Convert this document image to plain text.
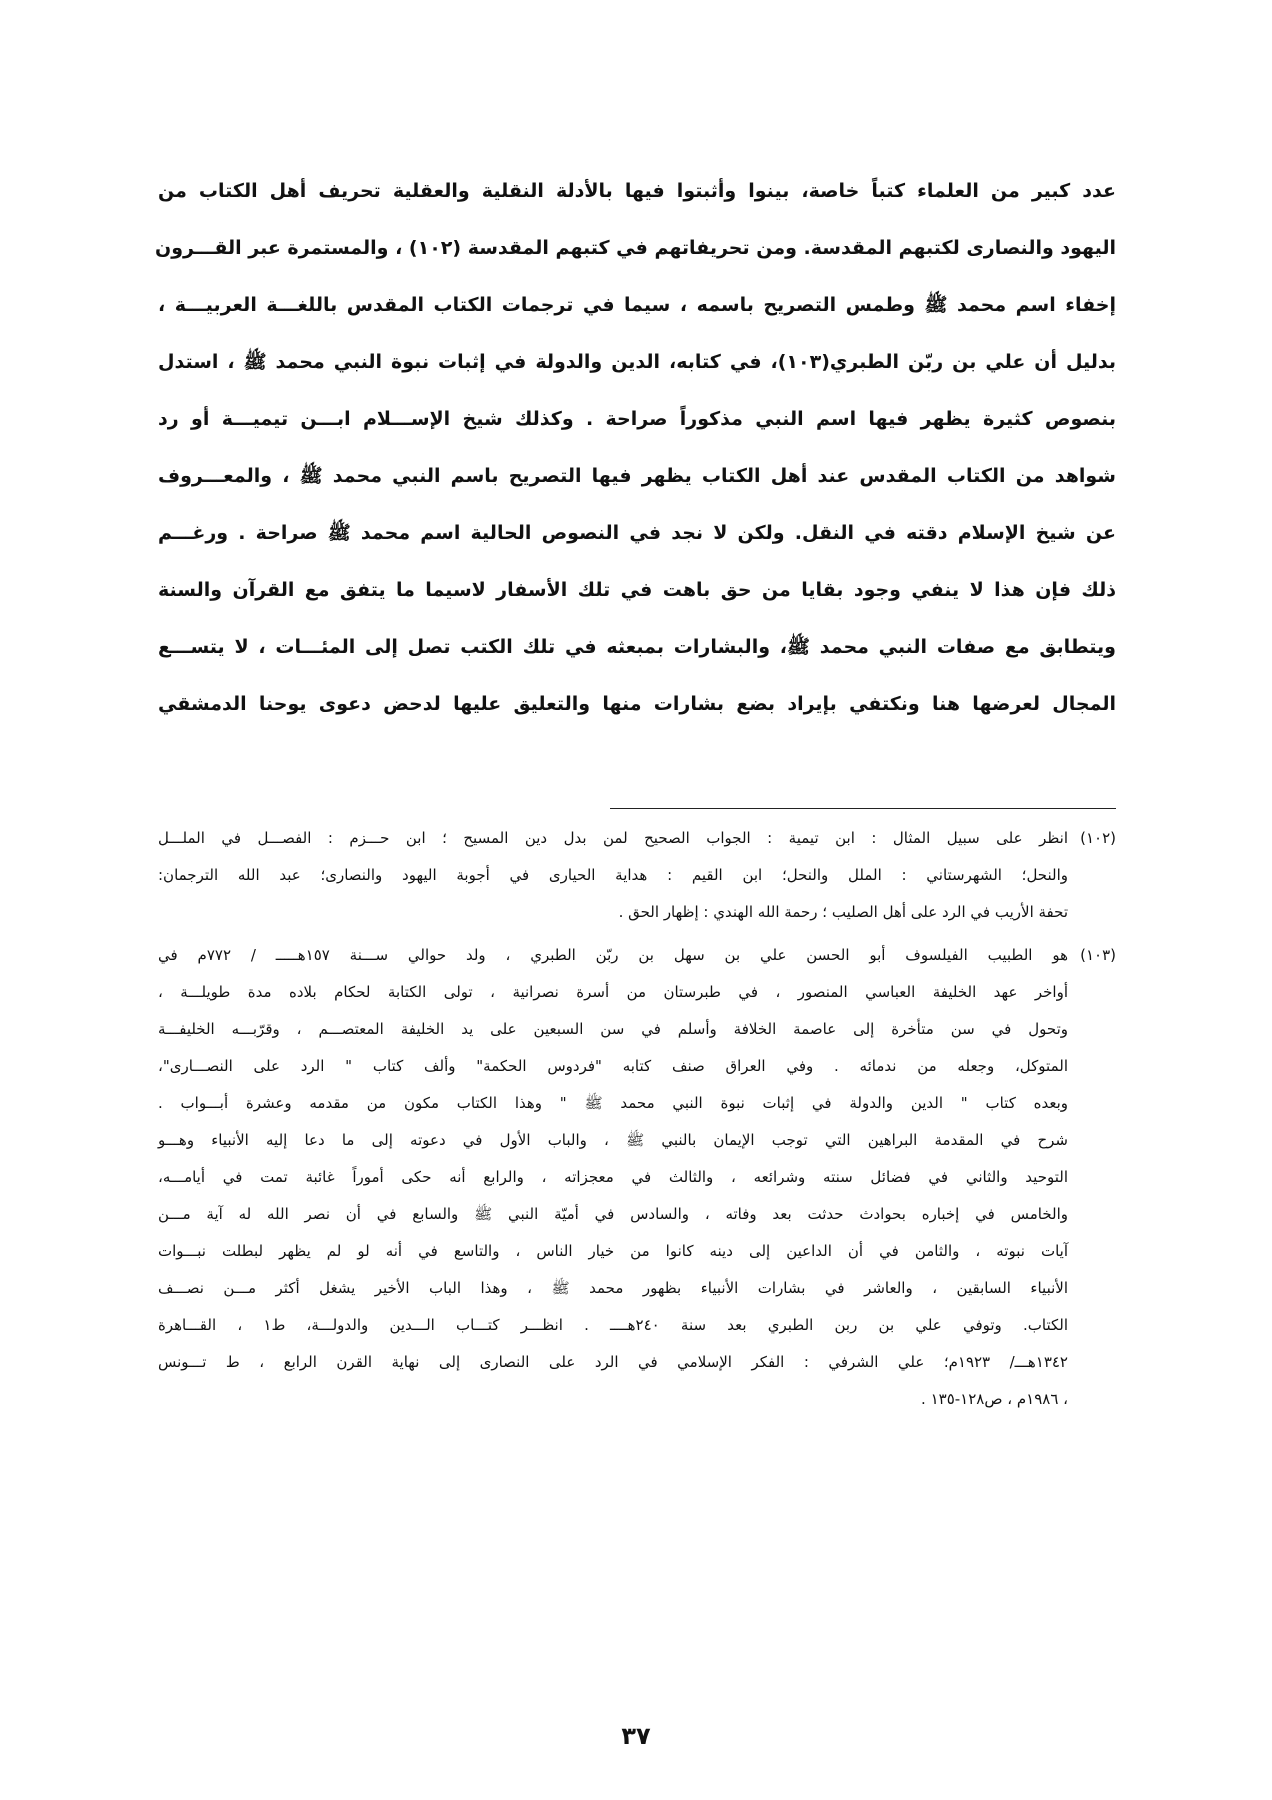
عدد كبير من العلماء كتباً خاصة، بينوا وأثبتوا فيها بالأدلة النقلية والعقلية تحريف أهل الكتاب من
اليهود والنصارى لكتبهم المقدسة. ومن تحريفاتهم في كتبهم المقدسة (١٠٢) ، والمستمرة عبر القـــرون
إخفاء اسم محمد ﷺ وطمس التصريح باسمه ، سيما في ترجمات الكتاب المقدس باللغـــة العربيـــة ،
بدليل أن علي بن ربّن الطبري(١٠٣)، في كتابه، الدين والدولة في إثبات نبوة النبي محمد ﷺ ، استدل
بنصوص كثيرة يظهر فيها اسم النبي مذكوراً صراحة . وكذلك شيخ الإســـلام ابـــن تيميـــة أو رد
شواهد من الكتاب المقدس عند أهل الكتاب يظهر فيها التصريح باسم النبي محمد ﷺ ، والمعـــروف
عن شيخ الإسلام دقته في النقل. ولكن لا نجد في النصوص الحالية اسم محمد ﷺ صراحة . ورغـــم
ذلك فإن هذا لا ينفي وجود بقايا من حق باهت في تلك الأسفار لاسيما ما يتفق مع القرآن والسنة
ويتطابق مع صفات النبي محمد ﷺ، والبشارات بمبعثه في تلك الكتب تصل إلى المئـــات ، لا يتســـع
المجال لعرضها هنا ونكتفي بإيراد بضع بشارات منها والتعليق عليها لدحض دعوى يوحنا الدمشقي
(١٠٢)
انظر على سبيل المثال : ابن تيمية : الجواب الصحيح لمن بدل دين المسيح ؛ ابن حـــزم : الفصـــل في الملـــل
والنحل؛ الشهرستاني : الملل والنحل؛ ابن القيم : هداية الحيارى في أجوبة اليهود والنصارى؛ عبد الله الترجمان:
تحفة الأريب في الرد على أهل الصليب ؛ رحمة الله الهندي : إظهار الحق .
(١٠٣)
هو الطبيب الفيلسوف أبو الحسن علي بن سهل بن ربّن الطبري ، ولد حوالي ســـنة ١٥٧هـــــ / ٧٧٢م في
أواخر عهد الخليفة العباسي المنصور ، في طبرستان من أسرة نصرانية ، تولى الكتابة لحكام بلاده مدة طويلـــة ،
وتحول في سن متأخرة إلى عاصمة الخلافة وأسلم في سن السبعين على يد الخليفة المعتصـــم ، وقرّبـــه الخليفـــة
المتوكل، وجعله من ندمائه . وفي العراق صنف كتابه "فردوس الحكمة" وألف كتاب " الرد على النصـــارى"،
وبعده كتاب " الدين والدولة في إثبات نبوة النبي محمد ﷺ " وهذا الكتاب مكون من مقدمه وعشرة أبـــواب .
شرح في المقدمة البراهين التي توجب الإيمان بالنبي ﷺ ، والباب الأول في دعوته إلى ما دعا إليه الأنبياء وهـــو
التوحيد والثاني في فضائل سنته وشرائعه ، والثالث في معجزاته ، والرابع أنه حكى أموراً غائبة تمت في أيامـــه،
والخامس في إخباره بحوادث حدثت بعد وفاته ، والسادس في أميّة النبي ﷺ والسابع في أن نصر الله له آية مـــن
آيات نبوته ، والثامن في أن الداعين إلى دينه كانوا من خيار الناس ، والتاسع في أنه لو لم يظهر لبطلت نبـــوات
الأنبياء السابقين ، والعاشر في بشارات الأنبياء بظهور محمد ﷺ ، وهذا الباب الأخير يشغل أكثر مـــن نصـــف
الكتاب. وتوفي علي بن ربن الطبري بعد سنة ٢٤٠هــــ . انظـــر كتـــاب الـــدين والدولـــة، ط١ ، القـــاهرة
١٣٤٢هـــ/ ١٩٢٣م؛ علي الشرفي : الفكر الإسلامي في الرد على النصارى إلى نهاية القرن الرابع ، ط تـــونس
، ١٩٨٦م ، ص١٢٨-١٣٥ .
٣٧
